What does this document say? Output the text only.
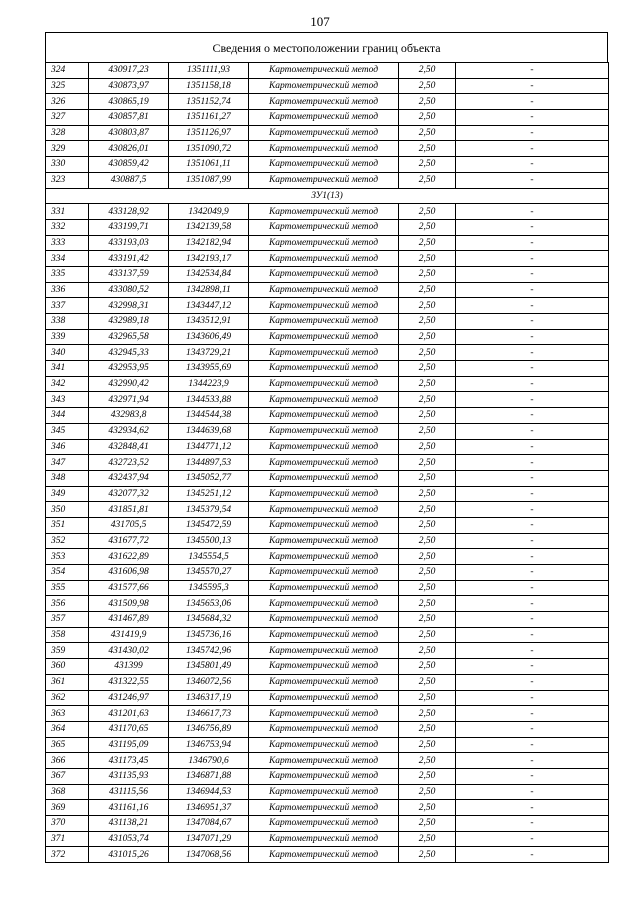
107
Сведения о местоположении границ объекта
324	430917,23	1351111,93	Картометрический метод	2,50	-
325	430873,97	1351158,18	Картометрический метод	2,50	-
326	430865,19	1351152,74	Картометрический метод	2,50	-
327	430857,81	1351161,27	Картометрический метод	2,50	-
328	430803,87	1351126,97	Картометрический метод	2,50	-
329	430826,01	1351090,72	Картометрический метод	2,50	-
330	430859,42	1351061,11	Картометрический метод	2,50	-
323	430887,5	1351087,99	Картометрический метод	2,50	-
ЗУ1(13)					
331	433128,92	1342049,9	Картометрический метод	2,50	-
332	433199,71	1342139,58	Картометрический метод	2,50	-
333	433193,03	1342182,94	Картометрический метод	2,50	-
334	433191,42	1342193,17	Картометрический метод	2,50	-
335	433137,59	1342534,84	Картометрический метод	2,50	-
336	433080,52	1342898,11	Картометрический метод	2,50	-
337	432998,31	1343447,12	Картометрический метод	2,50	-
338	432989,18	1343512,91	Картометрический метод	2,50	-
339	432965,58	1343606,49	Картометрический метод	2,50	-
340	432945,33	1343729,21	Картометрический метод	2,50	-
341	432953,95	1343955,69	Картометрический метод	2,50	-
342	432990,42	1344223,9	Картометрический метод	2,50	-
343	432971,94	1344533,88	Картометрический метод	2,50	-
344	432983,8	1344544,38	Картометрический метод	2,50	-
345	432934,62	1344639,68	Картометрический метод	2,50	-
346	432848,41	1344771,12	Картометрический метод	2,50	-
347	432723,52	1344897,53	Картометрический метод	2,50	-
348	432437,94	1345052,77	Картометрический метод	2,50	-
349	432077,32	1345251,12	Картометрический метод	2,50	-
350	431851,81	1345379,54	Картометрический метод	2,50	-
351	431705,5	1345472,59	Картометрический метод	2,50	-
352	431677,72	1345500,13	Картометрический метод	2,50	-
353	431622,89	1345554,5	Картометрический метод	2,50	-
354	431606,98	1345570,27	Картометрический метод	2,50	-
355	431577,66	1345595,3	Картометрический метод	2,50	-
356	431509,98	1345653,06	Картометрический метод	2,50	-
357	431467,89	1345684,32	Картометрический метод	2,50	-
358	431419,9	1345736,16	Картометрический метод	2,50	-
359	431430,02	1345742,96	Картометрический метод	2,50	-
360	431399	1345801,49	Картометрический метод	2,50	-
361	431322,55	1346072,56	Картометрический метод	2,50	-
362	431246,97	1346317,19	Картометрический метод	2,50	-
363	431201,63	1346617,73	Картометрический метод	2,50	-
364	431170,65	1346756,89	Картометрический метод	2,50	-
365	431195,09	1346753,94	Картометрический метод	2,50	-
366	431173,45	1346790,6	Картометрический метод	2,50	-
367	431135,93	1346871,88	Картометрический метод	2,50	-
368	431115,56	1346944,53	Картометрический метод	2,50	-
369	431161,16	1346951,37	Картометрический метод	2,50	-
370	431138,21	1347084,67	Картометрический метод	2,50	-
371	431053,74	1347071,29	Картометрический метод	2,50	-
372	431015,26	1347068,56	Картометрический метод	2,50	-
